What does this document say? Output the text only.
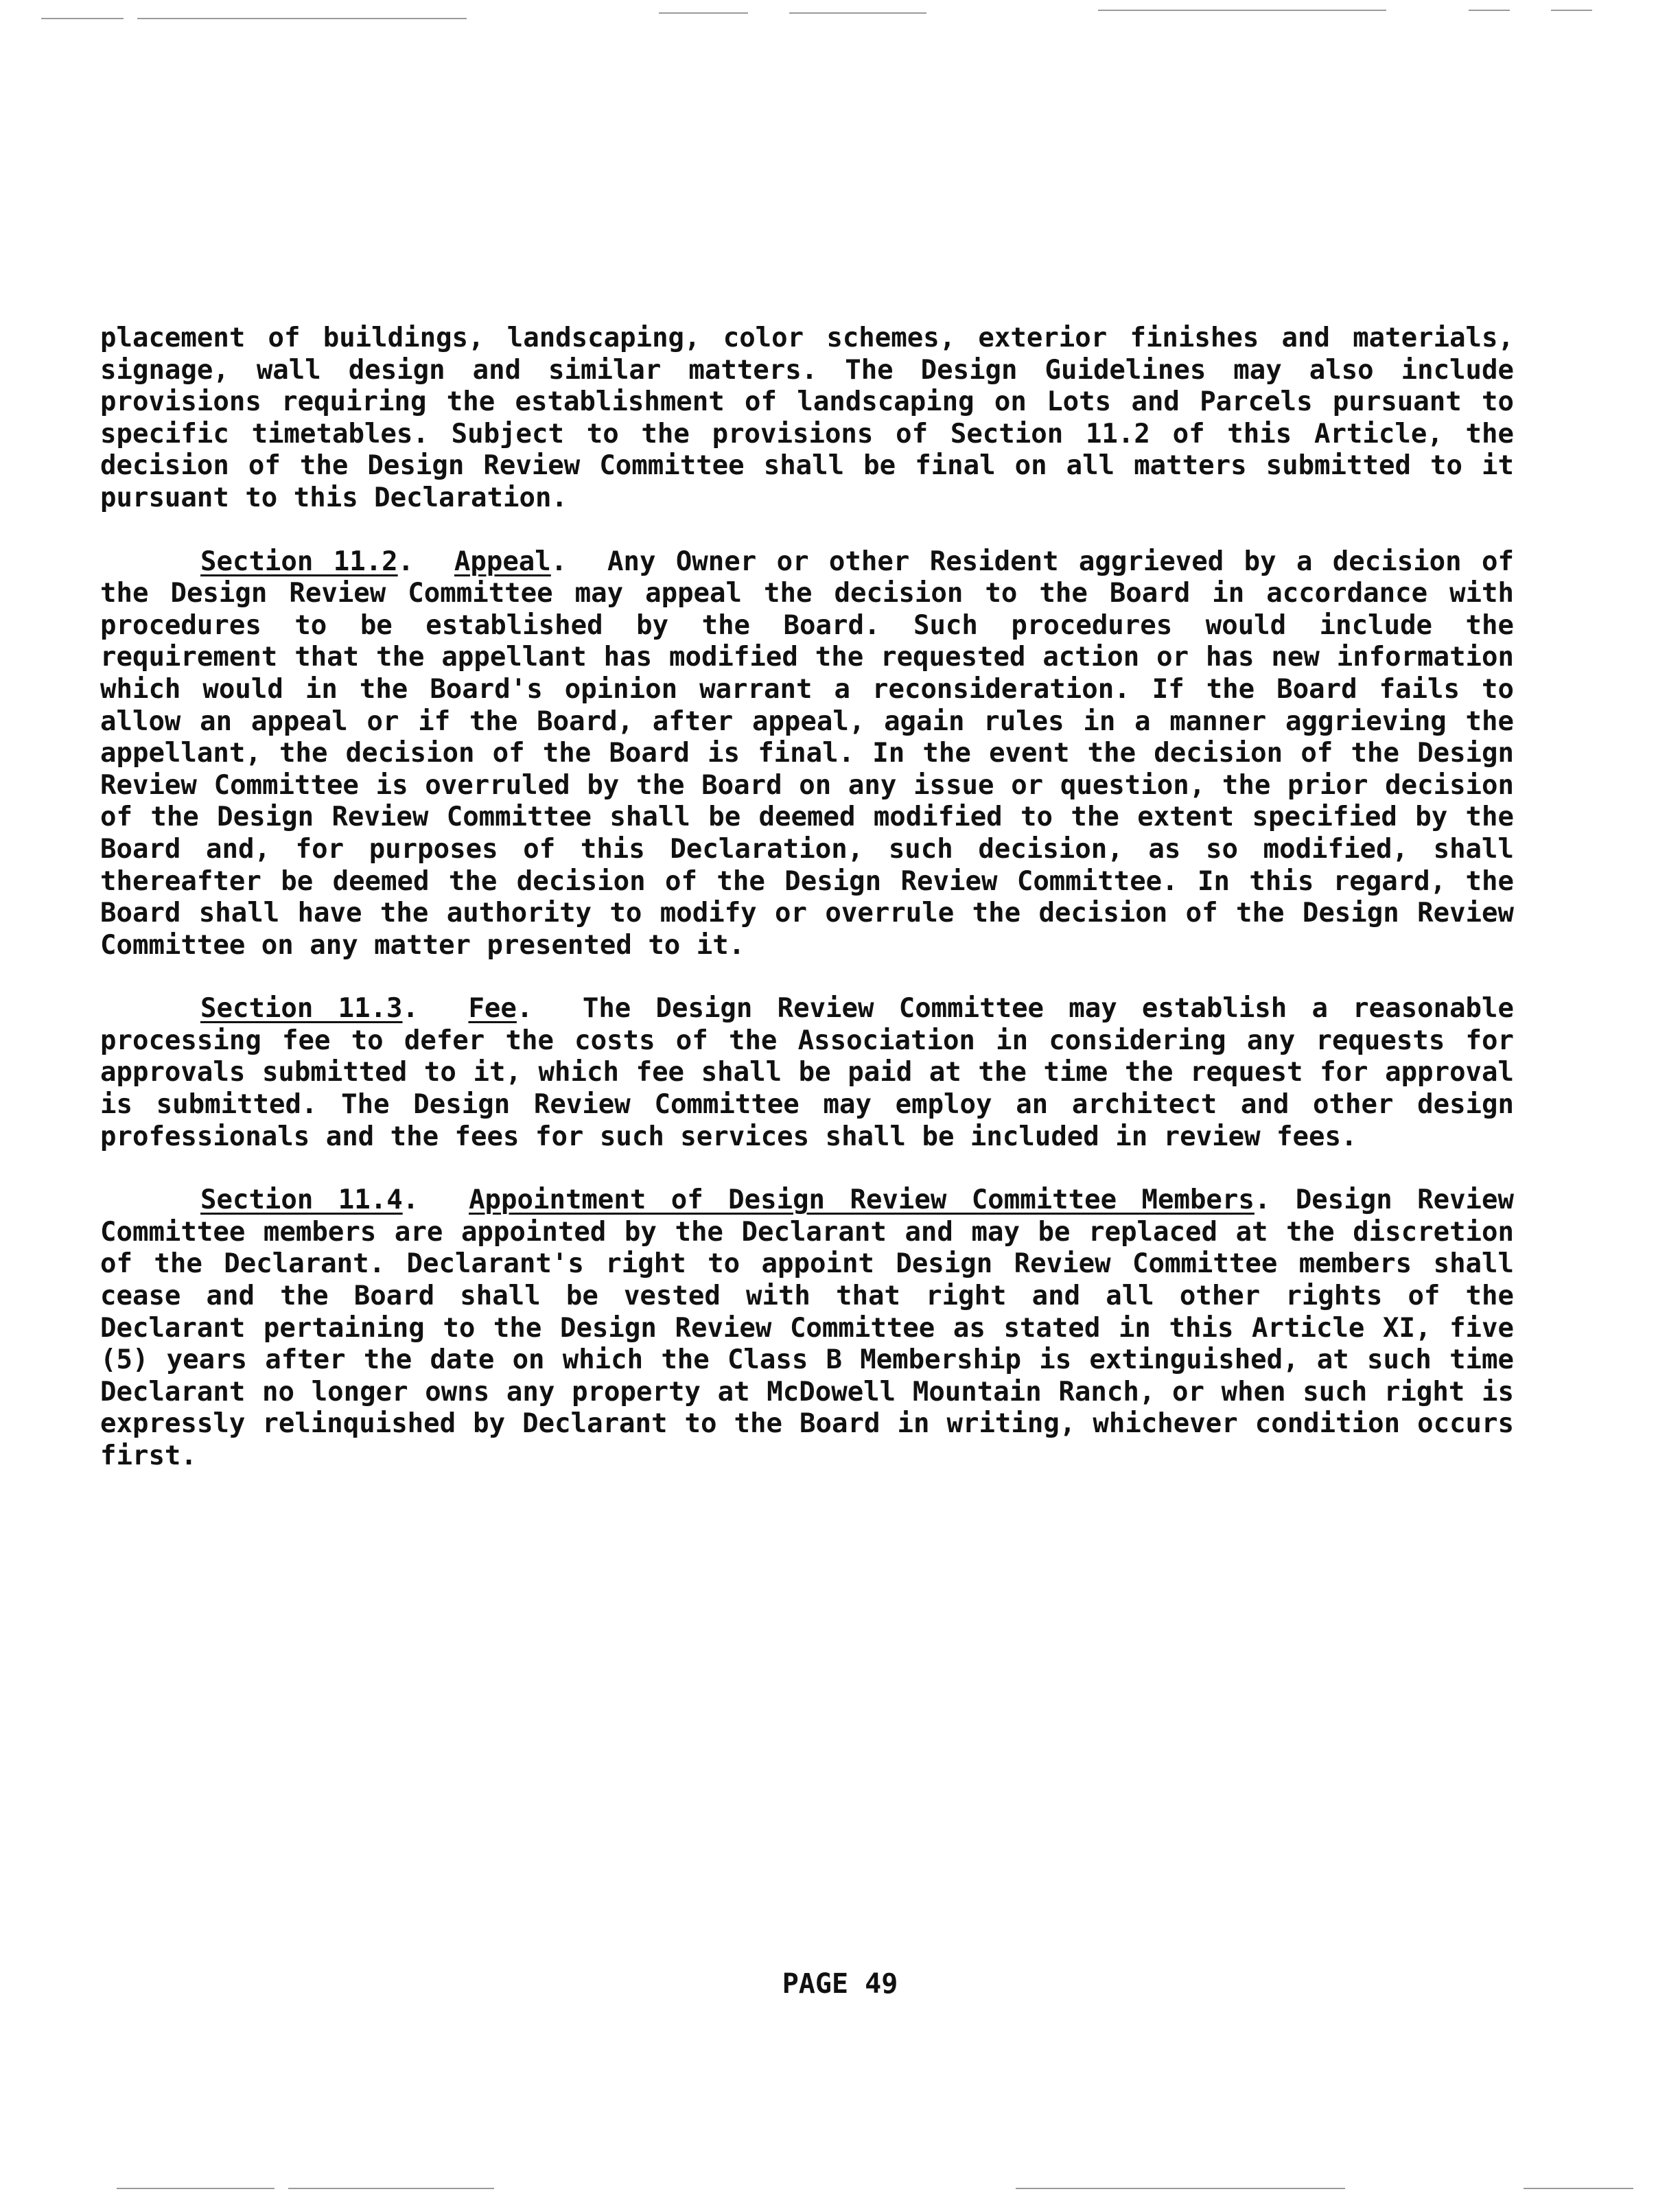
placement of buildings, landscaping, color schemes, exterior finishes and materials, signage, wall design and similar matters. The Design Guidelines may also include provisions requiring the establishment of landscaping on Lots and Parcels pursuant to specific timetables. Subject to the provisions of Section 11.2 of this Article, the decision of the Design Review Committee shall be final on all matters submitted to it pursuant to this Declaration.

Section 11.2.  Appeal.  Any Owner or other Resident aggrieved by a decision of the Design Review Committee may appeal the decision to the Board in accordance with procedures to be established by the Board. Such procedures would include the requirement that the appellant has modified the requested action or has new information which would in the Board's opinion warrant a reconsideration. If the Board fails to allow an appeal or if the Board, after appeal, again rules in a manner aggrieving the appellant, the decision of the Board is final. In the event the decision of the Design Review Committee is overruled by the Board on any issue or question, the prior decision of the Design Review Committee shall be deemed modified to the extent specified by the Board and, for purposes of this Declaration, such decision, as so modified, shall thereafter be deemed the decision of the Design Review Committee. In this regard, the Board shall have the authority to modify or overrule the decision of the Design Review Committee on any matter presented to it.

Section 11.3.  Fee.  The Design Review Committee may establish a reasonable processing fee to defer the costs of the Association in considering any requests for approvals submitted to it, which fee shall be paid at the time the request for approval is submitted. The Design Review Committee may employ an architect and other design professionals and the fees for such services shall be included in review fees.

Section 11.4.  Appointment of Design Review Committee Members. Design Review Committee members are appointed by the Declarant and may be replaced at the discretion of the Declarant. Declarant's right to appoint Design Review Committee members shall cease and the Board shall be vested with that right and all other rights of the Declarant pertaining to the Design Review Committee as stated in this Article XI, five (5) years after the date on which the Class B Membership is extinguished, at such time Declarant no longer owns any property at McDowell Mountain Ranch, or when such right is expressly relinquished by Declarant to the Board in writing, whichever condition occurs first.

PAGE 49
